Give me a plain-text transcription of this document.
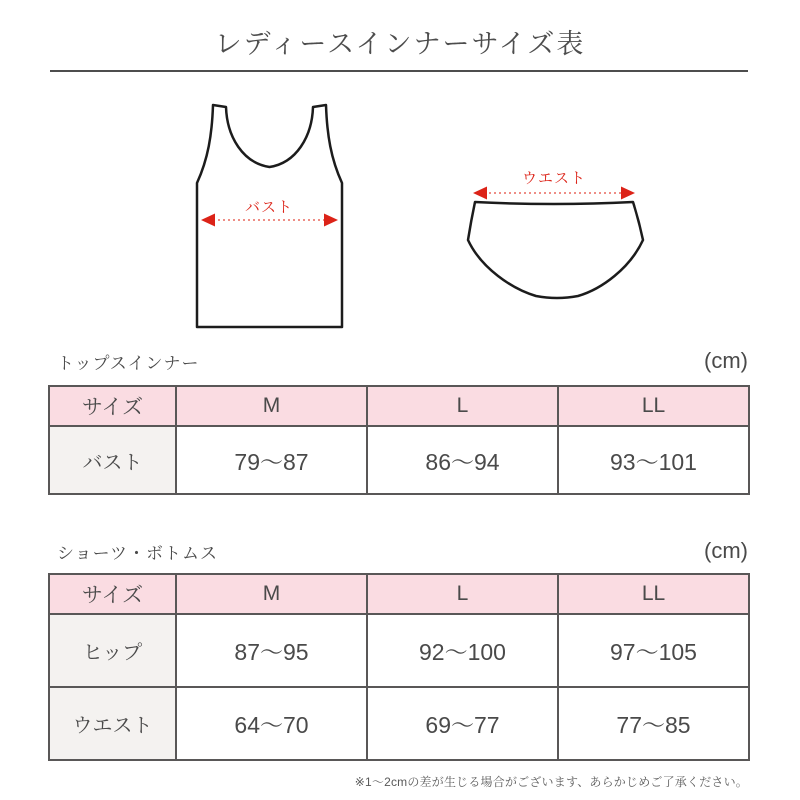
レディースインナーサイズ表
バスト
ウエスト
トップスインナー	(cm)
サイズ	M	L	LL
バスト	79〜87	86〜94	93〜101
ショーツ・ボトムス	(cm)
サイズ	M	L	LL
ヒップ	87〜95	92〜100	97〜105
ウエスト	64〜70	69〜77	77〜85
※1〜2cmの差が生じる場合がございます、あらかじめご了承ください。
